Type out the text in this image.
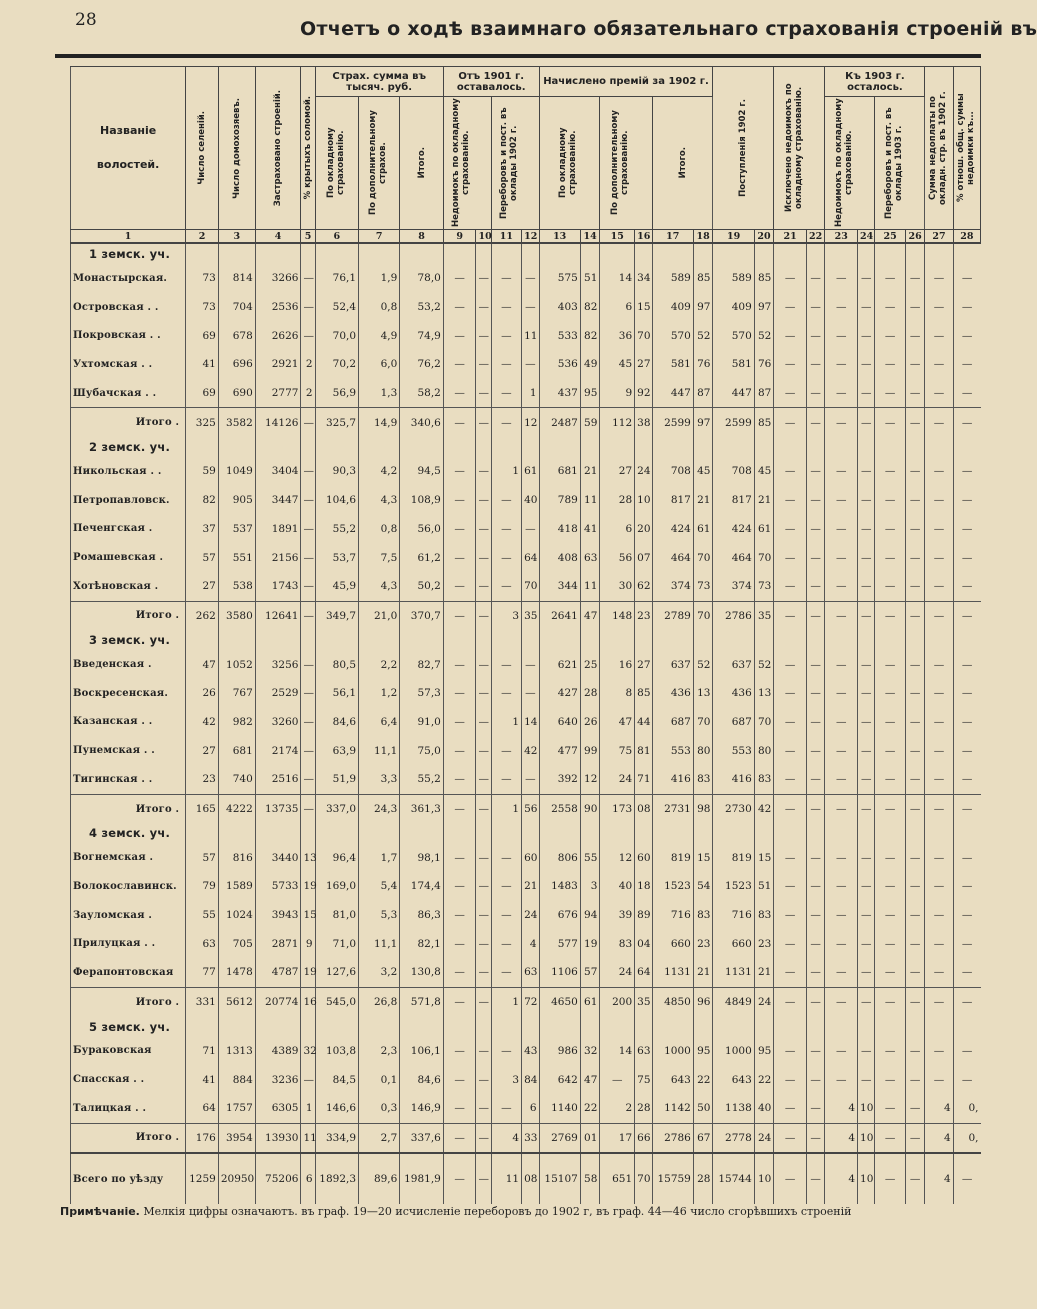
28	Отчетъ о ходѣ взаимнаго обязательнаго страхованія строеній въ
Названіе волостей.	Число селеній.	Число домохозяевъ.	Застраховано строеній.	% крытыхъ соломой.	Страх. сумма въ тысяч. руб.			Отъ 1901 г. оставалось.				Начислено премій за 1902 г.						Поступленія 1902 г.		Исключено недоимокъ по окладному страхованію.		Къ 1903 г. осталось.				Сумма недоплаты по окладн. стр. въ 1902 г.	% отнош. общ. суммы недоимки къ...

					По окладному страхованію.	По дополнительному страхов.	Итого.	Недоимокъ по окладному страхованію.		Переборовъ и пост. въ оклады 1902 г.		По окладному страхованію.		По дополнительному страхованію.		Итого.						Недоимокъ по окладному страхованію.		Переборовъ и пост. въ оклады 1903 г.			

1	2	3	4	5	6	7	8	9	10	11	12	13	14	15	16	17	18	19	20	21	22	23	24	25	26	27	28
1 земск. уч.																											
Монастырская.	73	814	3266	—	76,1	1,9	78,0	—	—	—	—	575	51	14	34	589	85	589	85	—	—	—	—	—	—	—	—
Островская . .	73	704	2536	—	52,4	0,8	53,2	—	—	—	—	403	82	6	15	409	97	409	97	—	—	—	—	—	—	—	—
Покровская . .	69	678	2626	—	70,0	4,9	74,9	—	—	—	11	533	82	36	70	570	52	570	52	—	—	—	—	—	—	—	—
Ухтомская . .	41	696	2921	2	70,2	6,0	76,2	—	—	—	—	536	49	45	27	581	76	581	76	—	—	—	—	—	—	—	—
Шубачская . .	69	690	2777	2	56,9	1,3	58,2	—	—	—	1	437	95	9	92	447	87	447	87	—	—	—	—	—	—	—	—
Итого .	325	3582	14126	—	325,7	14,9	340,6	—	—	—	12	2487	59	112	38	2599	97	2599	85	—	—	—	—	—	—	—	—
2 земск. уч.																											
Никольская . .	59	1049	3404	—	90,3	4,2	94,5	—	—	1	61	681	21	27	24	708	45	708	45	—	—	—	—	—	—	—	—
Петропавловск.	82	905	3447	—	104,6	4,3	108,9	—	—	—	40	789	11	28	10	817	21	817	21	—	—	—	—	—	—	—	—
Печенгская .	37	537	1891	—	55,2	0,8	56,0	—	—	—	—	418	41	6	20	424	61	424	61	—	—	—	—	—	—	—	—
Ромашевская .	57	551	2156	—	53,7	7,5	61,2	—	—	—	64	408	63	56	07	464	70	464	70	—	—	—	—	—	—	—	—
Хотѣновская .	27	538	1743	—	45,9	4,3	50,2	—	—	—	70	344	11	30	62	374	73	374	73	—	—	—	—	—	—	—	—
Итого .	262	3580	12641	—	349,7	21,0	370,7	—	—	3	35	2641	47	148	23	2789	70	2786	35	—	—	—	—	—	—	—	—
3 земск. уч.																											
Введенская .	47	1052	3256	—	80,5	2,2	82,7	—	—	—	—	621	25	16	27	637	52	637	52	—	—	—	—	—	—	—	—
Воскресенская.	26	767	2529	—	56,1	1,2	57,3	—	—	—	—	427	28	8	85	436	13	436	13	—	—	—	—	—	—	—	—
Казанская . .	42	982	3260	—	84,6	6,4	91,0	—	—	1	14	640	26	47	44	687	70	687	70	—	—	—	—	—	—	—	—
Пунемская . .	27	681	2174	—	63,9	11,1	75,0	—	—	—	42	477	99	75	81	553	80	553	80	—	—	—	—	—	—	—	—
Тигинская . .	23	740	2516	—	51,9	3,3	55,2	—	—	—	—	392	12	24	71	416	83	416	83	—	—	—	—	—	—	—	—
Итого .	165	4222	13735	—	337,0	24,3	361,3	—	—	1	56	2558	90	173	08	2731	98	2730	42	—	—	—	—	—	—	—	—
4 земск. уч.																											
Вогнемская .	57	816	3440	13	96,4	1,7	98,1	—	—	—	60	806	55	12	60	819	15	819	15	—	—	—	—	—	—	—	—
Волокославинск.	79	1589	5733	19	169,0	5,4	174,4	—	—	—	21	1483	3	40	18	1523	54	1523	51	—	—	—	—	—	—	—	—
Зауломская .	55	1024	3943	15	81,0	5,3	86,3	—	—	—	24	676	94	39	89	716	83	716	83	—	—	—	—	—	—	—	—
Прилуцкая . .	63	705	2871	9	71,0	11,1	82,1	—	—	—	4	577	19	83	04	660	23	660	23	—	—	—	—	—	—	—	—
Ферапонтовская	77	1478	4787	19	127,6	3,2	130,8	—	—	—	63	1106	57	24	64	1131	21	1131	21	—	—	—	—	—	—	—	—
Итого .	331	5612	20774	16	545,0	26,8	571,8	—	—	1	72	4650	61	200	35	4850	96	4849	24	—	—	—	—	—	—	—	—
5 земск. уч.																											
Бураковская	71	1313	4389	32	103,8	2,3	106,1	—	—	—	43	986	32	14	63	1000	95	1000	95	—	—	—	—	—	—	—	—
Спасская . .	41	884	3236	—	84,5	0,1	84,6	—	—	3	84	642	47	—	75	643	22	643	22	—	—	—	—	—	—	—	—
Талицкая . .	64	1757	6305	1	146,6	0,3	146,9	—	—	—	6	1140	22	2	28	1142	50	1138	40	—	—	4	10	—	—	4	0,
Итого .	176	3954	13930	11	334,9	2,7	337,6	—	—	4	33	2769	01	17	66	2786	67	2778	24	—	—	4	10	—	—	4	0,
Всего по уѣзду	1259	20950	75206	6	1892,3	89,6	1981,9	—	—	11	08	15107	58	651	70	15759	28	15744	10	—	—	4	10	—	—	4	—
Примѣчаніе. Мелкія цифры означаютъ. въ граф. 19—20 исчисленіе переборовъ до 1902 г, въ граф. 44—46 число сгорѣвшихъ строеній
